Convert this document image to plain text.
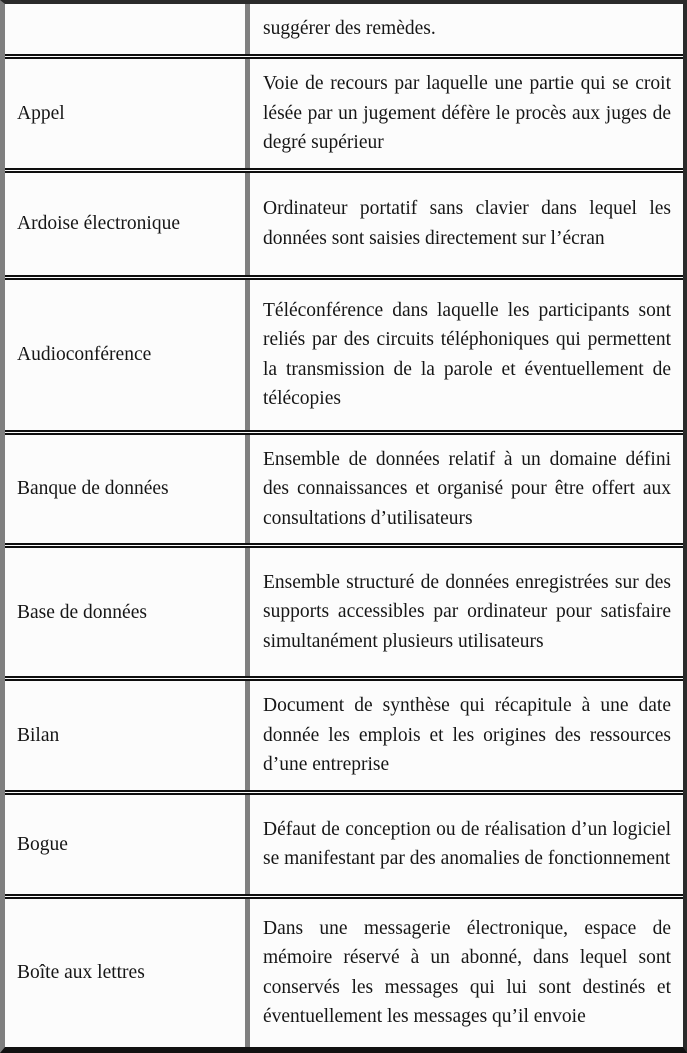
suggérer des remèdes.
Appel
Voie de recours par laquelle une partie qui se croit lésée par un jugement défère le procès aux juges de degré supérieur
Ardoise électronique
Ordinateur portatif sans clavier dans lequel les données sont saisies directement sur l’écran
Audioconférence
Téléconférence dans laquelle les participants sont reliés par des circuits téléphoniques qui permettent la transmission de la parole et éventuellement de télécopies
Banque de données
Ensemble de données relatif à un domaine défini des connaissances et organisé pour être offert aux consultations d’utilisateurs
Base de données
Ensemble structuré de données enregistrées sur des supports accessibles par ordinateur pour satisfaire simultanément plusieurs utilisateurs
Bilan
Document de synthèse qui récapitule à une date donnée les emplois et les origines des ressources d’une entreprise
Bogue
Défaut de conception ou de réalisation d’un logiciel se manifestant par des anomalies de fonctionnement
Boîte aux lettres
Dans une messagerie électronique, espace de mémoire réservé à un abonné, dans lequel sont conservés les messages qui lui sont destinés et éventuellement les messages qu’il envoie
